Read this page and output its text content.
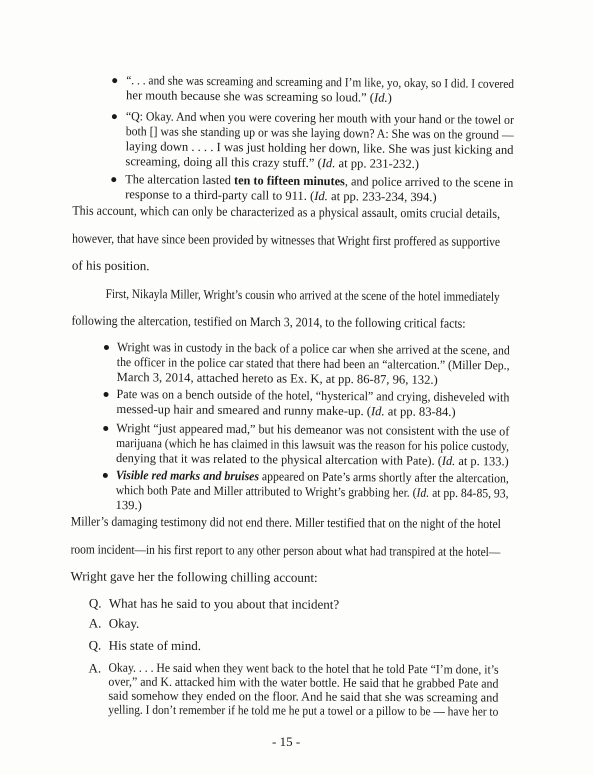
“. . . and she was screaming and screaming and I’m like, yo, okay, so I did. I covered
her mouth because she was screaming so loud.” (Id.)
“Q: Okay. And when you were covering her mouth with your hand or the towel or
both [] was she standing up or was she laying down? A: She was on the ground —
laying down . . . . I was just holding her down, like. She was just kicking and
screaming, doing all this crazy stuff.” (Id. at pp. 231-232.)
The altercation lasted ten to fifteen minutes, and police arrived to the scene in
response to a third-party call to 911. (Id. at pp. 233-234, 394.)
This account, which can only be characterized as a physical assault, omits crucial details,
however, that have since been provided by witnesses that Wright first proffered as supportive
of his position.
First, Nikayla Miller, Wright’s cousin who arrived at the scene of the hotel immediately
following the altercation, testified on March 3, 2014, to the following critical facts:
Wright was in custody in the back of a police car when she arrived at the scene, and
the officer in the police car stated that there had been an “altercation.” (Miller Dep.,
March 3, 2014, attached hereto as Ex. K, at pp. 86-87, 96, 132.)
Pate was on a bench outside of the hotel, “hysterical” and crying, disheveled with
messed-up hair and smeared and runny make-up. (Id. at pp. 83-84.)
Wright “just appeared mad,” but his demeanor was not consistent with the use of
marijuana (which he has claimed in this lawsuit was the reason for his police custody,
denying that it was related to the physical altercation with Pate). (Id. at p. 133.)
Visible red marks and bruises appeared on Pate’s arms shortly after the altercation,
which both Pate and Miller attributed to Wright’s grabbing her. (Id. at pp. 84-85, 93,
139.)
Miller’s damaging testimony did not end there. Miller testified that on the night of the hotel
room incident—in his first report to any other person about what had transpired at the hotel—
Wright gave her the following chilling account:
Q. What has he said to you about that incident?
A. Okay.
Q. His state of mind.
A. Okay. . . . He said when they went back to the hotel that he told Pate “I’m done, it’s
over,” and K. attacked him with the water bottle. He said that he grabbed Pate and
said somehow they ended on the floor. And he said that she was screaming and
yelling. I don’t remember if he told me he put a towel or a pillow to be — have her to
- 15 -
